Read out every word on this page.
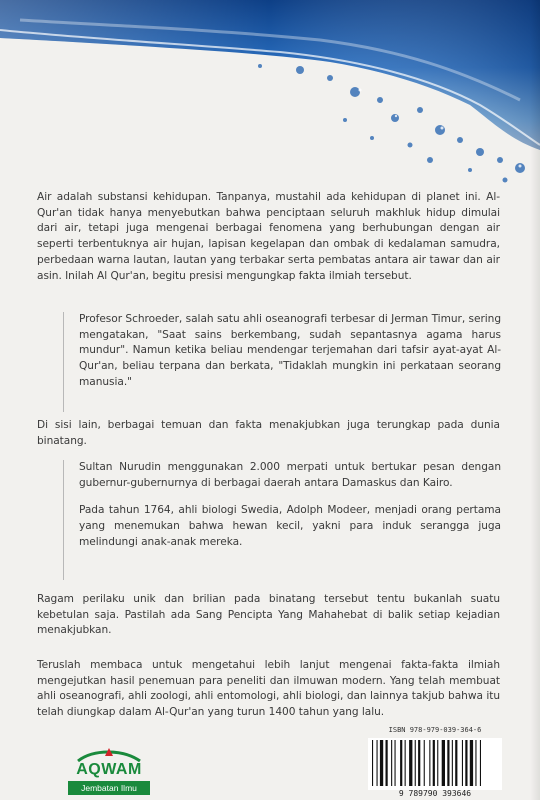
Air adalah substansi kehidupan. Tanpanya, mustahil ada kehidupan di planet ini. Al-Qur'an tidak hanya menyebutkan bahwa penciptaan seluruh makhluk hidup dimulai dari air, tetapi juga mengenai berbagai fenomena yang berhubungan dengan air seperti terbentuknya air hujan, lapisan kegelapan dan ombak di kedalaman samudra, perbedaan warna lautan, lautan yang terbakar serta pembatas antara air tawar dan air asin. Inilah Al Qur'an, begitu presisi mengungkap fakta ilmiah tersebut.

Profesor Schroeder, salah satu ahli oseanografi terbesar di Jerman Timur, sering mengatakan, "Saat sains berkembang, sudah sepantasnya agama harus mundur". Namun ketika beliau mendengar terjemahan dari tafsir ayat-ayat Al-Qur'an, beliau terpana dan berkata, "Tidaklah mungkin ini perkataan seorang manusia."

Di sisi lain, berbagai temuan dan fakta menakjubkan juga terungkap pada dunia binatang.

Sultan Nurudin menggunakan 2.000 merpati untuk bertukar pesan dengan gubernur-gubernurnya di berbagai daerah antara Damaskus dan Kairo.

Pada tahun 1764, ahli biologi Swedia, Adolph Modeer, menjadi orang pertama yang menemukan bahwa hewan kecil, yakni para induk serangga juga melindungi anak-anak mereka.

Ragam perilaku unik dan brilian pada binatang tersebut tentu bukanlah suatu kebetulan saja. Pastilah ada Sang Pencipta Yang Mahahebat di balik setiap kejadian menakjubkan.

Teruslah membaca untuk mengetahui lebih lanjut mengenai fakta-fakta ilmiah mengejutkan hasil penemuan para peneliti dan ilmuwan modern. Yang telah membuat ahli oseanografi, ahli zoologi, ahli entomologi, ahli biologi, dan lainnya takjub bahwa itu telah diungkap dalam Al-Qur'an yang turun 1400 tahun yang lalu.

AQWAM
Jembatan Ilmu
ISBN 978-979-039-364-6
9 789790 393646
